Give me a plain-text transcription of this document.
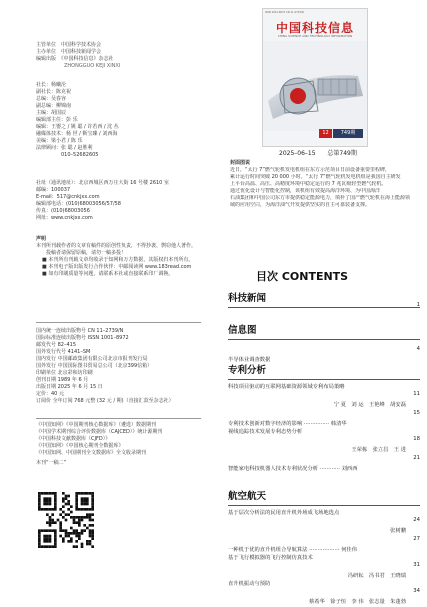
主管单位　中国科学技术协会
主办单位　中国科技新闻学会
编辑出版　《中国科技信息》杂志社
ZHONGGUO KEJI XINXI
社长：杨曦沦
副社长：陈克祝
总编：吴春容
副总编：柳锦南
主编：胡国辰
编辑部主任：彭 乐
编辑：王婴之 / 姚 聪 / 许若西 / 沈 丛
融媒体技术：杨 世 / 靳宝臻 / 刘西海
美编：梁小君 / 陈 乐
法律顾问：张 聪 / 赵胜利
　　　　　010–52682605
社址（通讯地址）：北京西城区西万庄大街 16 号楼 2610 室
邮编：100037
E-mail：517@cnkjxx.com
编辑部电话：(010)68003056/57/58
传真：(010)68003056
网址：www.cnkjxx.com
声明
本刊所刊载作者的文章有稿件的原创性负责，不得抄袭、剽窃他人著作。
投稿者请保留原稿，请勿一稿多投！
■ 本刊所有刊载文章均收录于知网和万方数据，其版权归本刊所有。
■ 本刊电子版出版发行合作伙伴：中邮阅读网 www.183read.com
■ 如有印刷质量等问题，请联系本社或直接联系印厂调换。
国内统一连续出版物号 CN 11–2739/N
国际标准连续出版物号 ISSN 1001–8972
邮发代号 82–415
国外发行代号 4141–SM
国内发行 中国邮政集团有限公司北京市报刊发行局
国外发行 中国国际图书贸易总公司（北京399信箱）
印刷单位 北京彩和坊印刷
创刊日期 1989 年 6 月
出版日期 2025 年 6 月 15 日
定价：40 元
订阅价 全年订阅 768 元整 (32 元 / 期)（直接汇款至杂志社）
《中国知网》《中国期刊核心数据库》（遴选）数据期刊
《中国学术期刊综合评价数据库（CAJCED）》统计源期刊
《中国科技文献数据库（CJFD）》
《中国知网》《中国核心期刊全数据库》
《中国知网、中国期刊全文数据库》全文收录期刊
本刊“一稿二”
ISSN 1001-8972 CN 11-2739/N
中国科技信息
CHINA SCIENCE AND TECHNOLOGY INFORMATION
12	749期
2025–06–15 总第749期
封面图说
近日，“太行 7”燃气轮机发电机组在东方示范项目日前设备重要里程碑，
累计运行时间突破 20 000 小时。“太行 7”燃气轮机发电机组是我国自主研发
上平台高温、高压、高精度环境中稳定运行的 7 兆瓦级轻型燃气轮机。
通过优化设计与智能化控制，该机组有效提高海洋环境、为中国海洋
石油集团和中国公司东方市提供稳定能源电力，填补了国产燃气轮机在海上能源领
域的应用空白，为海洋油气开发提供坚实的自主可靠装备支撑。
目次 CONTENTS
科技新闻
1
信息图
半导体业调查数据
4
专利分析
科技项目驱动的互联网基础资源领域专利布局策略
宁 夏　刘 运　王艳峰　胡安磊
11
专利技术创新对数字经济的影响 ··············· 韩清华
15
视线追踪技术发展专利态势分析
王荣栋　张立昌　王 进
18
智能家电科技机器人技术专利状况分析 ············ 刘西西
21
航空航天
基于层次分析法的民用直升机外场成飞场地选点
张树鹏
24
一种机于优的直升机组合导航算法 ·················· 何佳伟
27
基于飞行模拟器的飞行控制仿真技术
冯研耘　冯书君　王晓瑞
31
直升机振动与预防
蔡希华　徐子恒　李 伟　张志量　朱蓬勃
34
